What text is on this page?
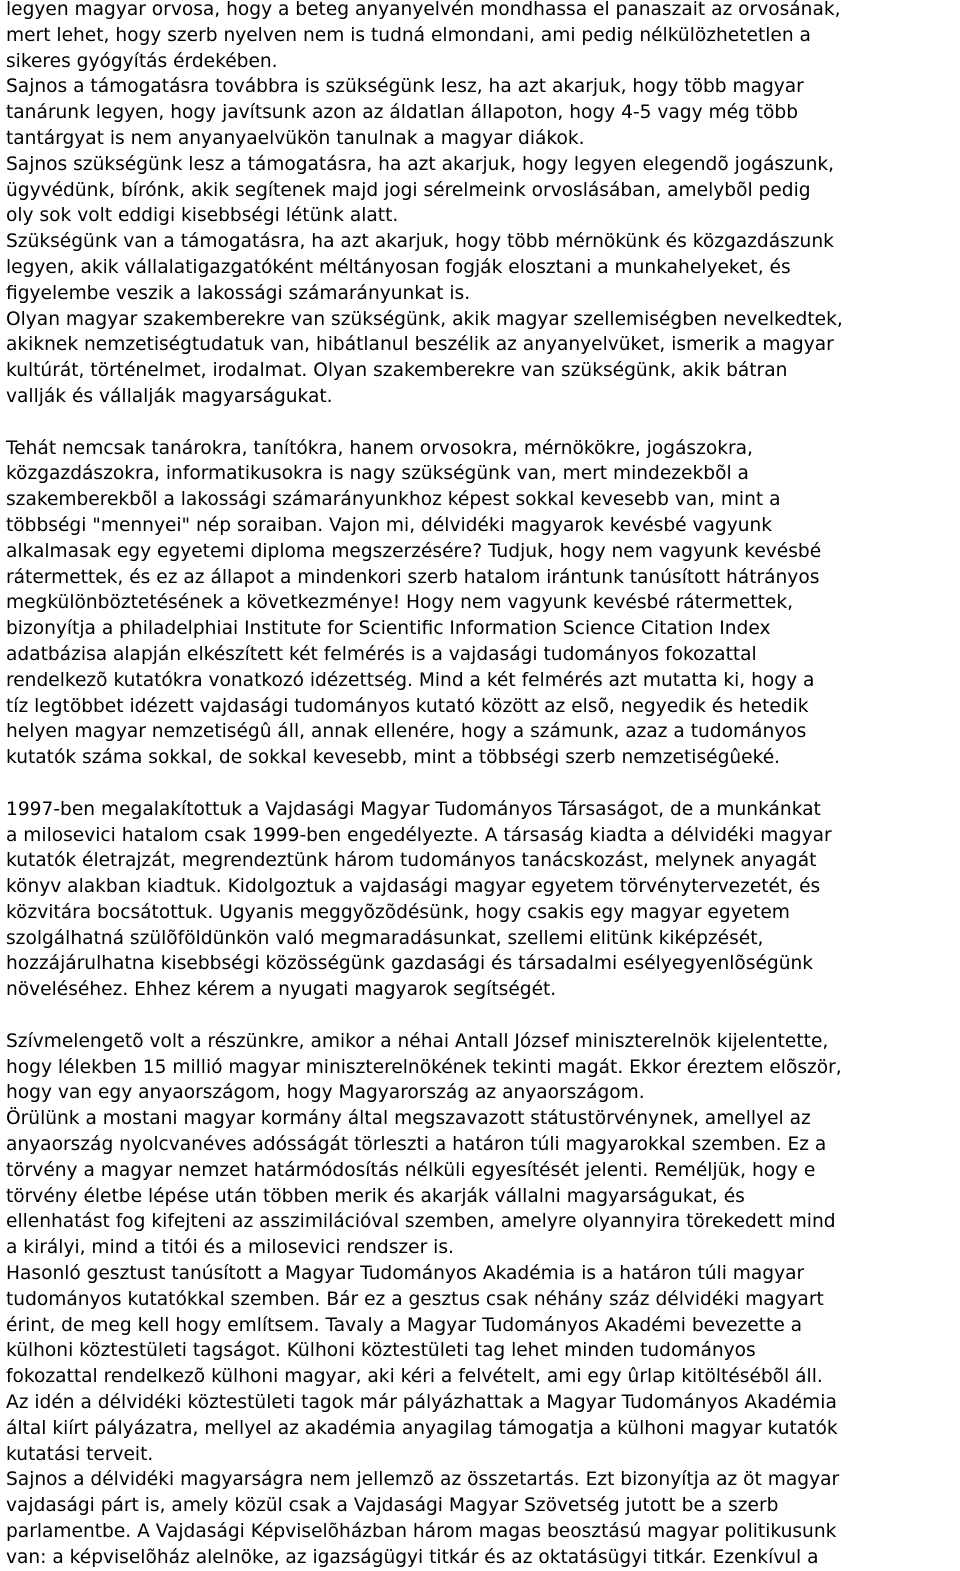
legyen magyar orvosa, hogy a beteg anyanyelvén mondhassa el panaszait az orvosának,
mert lehet, hogy szerb nyelven nem is tudná elmondani, ami pedig nélkülözhetetlen a
sikeres gyógyítás érdekében.
Sajnos a támogatásra továbbra is szükségünk lesz, ha azt akarjuk, hogy több magyar
tanárunk legyen, hogy javítsunk azon az áldatlan állapoton, hogy 4-5 vagy még több
tantárgyat is nem anyanyaelvükön tanulnak a magyar diákok.
Sajnos szükségünk lesz a támogatásra, ha azt akarjuk, hogy legyen elegendõ jogászunk,
ügyvédünk, bírónk, akik segítenek majd jogi sérelmeink orvoslásában, amelybõl pedig
oly sok volt eddigi kisebbségi létünk alatt.
Szükségünk van a támogatásra, ha azt akarjuk, hogy több mérnökünk és közgazdászunk
legyen, akik vállalatigazgatóként méltányosan fogják elosztani a munkahelyeket, és
figyelembe veszik a lakossági számarányunkat is.
Olyan magyar szakemberekre van szükségünk, akik magyar szellemiségben nevelkedtek,
akiknek nemzetiségtudatuk van, hibátlanul beszélik az anyanyelvüket, ismerik a magyar
kultúrát, történelmet, irodalmat. Olyan szakemberekre van szükségünk, akik bátran
vallják és vállalják magyarságukat.
Tehát nemcsak tanárokra, tanítókra, hanem orvosokra, mérnökökre, jogászokra,
közgazdászokra, informatikusokra is nagy szükségünk van, mert mindezekbõl a
szakemberekbõl a lakossági számarányunkhoz képest sokkal kevesebb van, mint a
többségi "mennyei" nép soraiban. Vajon mi, délvidéki magyarok kevésbé vagyunk
alkalmasak egy egyetemi diploma megszerzésére? Tudjuk, hogy nem vagyunk kevésbé
rátermettek, és ez az állapot a mindenkori szerb hatalom irántunk tanúsított hátrányos
megkülönböztetésének a következménye! Hogy nem vagyunk kevésbé rátermettek,
bizonyítja a philadelphiai Institute for Scientific Information Science Citation Index
adatbázisa alapján elkészített két felmérés is a vajdasági tudományos fokozattal
rendelkezõ kutatókra vonatkozó idézettség. Mind a két felmérés azt mutatta ki, hogy a
tíz legtöbbet idézett vajdasági tudományos kutató között az elsõ, negyedik és hetedik
helyen magyar nemzetiségû áll, annak ellenére, hogy a számunk, azaz a tudományos
kutatók száma sokkal, de sokkal kevesebb, mint a többségi szerb nemzetiségûeké.
1997-ben megalakítottuk a Vajdasági Magyar Tudományos Társaságot, de a munkánkat
a milosevici hatalom csak 1999-ben engedélyezte. A társaság kiadta a délvidéki magyar
kutatók életrajzát, megrendeztünk három tudományos tanácskozást, melynek anyagát
könyv alakban kiadtuk. Kidolgoztuk a vajdasági magyar egyetem törvénytervezetét, és
közvitára bocsátottuk. Ugyanis meggyõzõdésünk, hogy csakis egy magyar egyetem
szolgálhatná szülõföldünkön való megmaradásunkat, szellemi elitünk kiképzését,
hozzájárulhatna kisebbségi közösségünk gazdasági és társadalmi esélyegyenlõségünk
növeléséhez. Ehhez kérem a nyugati magyarok segítségét.
Szívmelengetõ volt a részünkre, amikor a néhai Antall József miniszterelnök kijelentette,
hogy lélekben 15 millió magyar miniszterelnökének tekinti magát. Ekkor éreztem elõször,
hogy van egy anyaországom, hogy Magyarország az anyaországom.
Örülünk a mostani magyar kormány által megszavazott státustörvénynek, amellyel az
anyaország nyolcvanéves adósságát törleszti a határon túli magyarokkal szemben. Ez a
törvény a magyar nemzet határmódosítás nélküli egyesítését jelenti. Reméljük, hogy e
törvény életbe lépése után többen merik és akarják vállalni magyarságukat, és
ellenhatást fog kifejteni az asszimilációval szemben, amelyre olyannyira törekedett mind
a királyi, mind a titói és a milosevici rendszer is.
Hasonló gesztust tanúsított a Magyar Tudományos Akadémia is a határon túli magyar
tudományos kutatókkal szemben. Bár ez a gesztus csak néhány száz délvidéki magyart
érint, de meg kell hogy említsem. Tavaly a Magyar Tudományos Akadémi bevezette a
külhoni köztestületi tagságot. Külhoni köztestületi tag lehet minden tudományos
fokozattal rendelkezõ külhoni magyar, aki kéri a felvételt, ami egy ûrlap kitöltésébõl áll.
Az idén a délvidéki köztestületi tagok már pályázhattak a Magyar Tudományos Akadémia
által kiírt pályázatra, mellyel az akadémia anyagilag támogatja a külhoni magyar kutatók
kutatási terveit.
Sajnos a délvidéki magyarságra nem jellemzõ az összetartás. Ezt bizonyítja az öt magyar
vajdasági párt is, amely közül csak a Vajdasági Magyar Szövetség jutott be a szerb
parlamentbe. A Vajdasági Képviselõházban három magas beosztású magyar politikusunk
van: a képviselõház alelnöke, az igazságügyi titkár és az oktatásügyi titkár. Ezenkívul a
